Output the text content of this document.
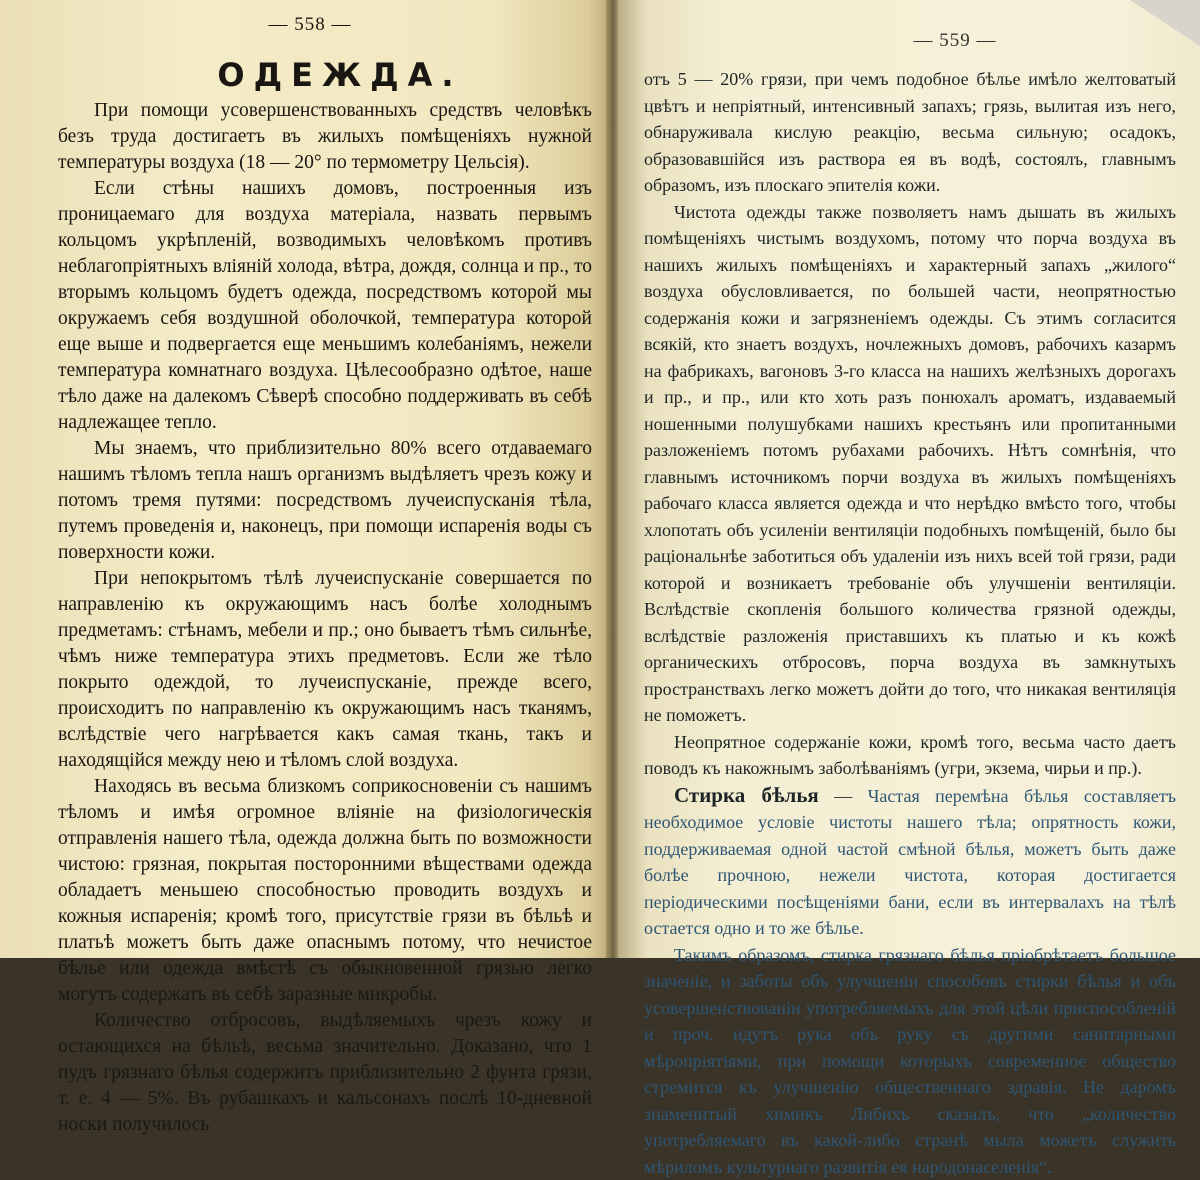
— 558 —
ОДЕЖДА.

При помощи усовершенствованныхъ средствъ человѣкъ безъ труда достигаетъ въ жилыхъ помѣщеніяхъ нужной температуры воздуха (18 — 20° по термометру Цельсія).

Если стѣны нашихъ домовъ, построенныя изъ проницаемаго для воздуха матеріала, назвать первымъ кольцомъ укрѣпленій, возводимыхъ человѣкомъ противъ неблагопріятныхъ вліяній холода, вѣтра, дождя, солнца и пр., то вторымъ кольцомъ будетъ одежда, посредствомъ которой мы окружаемъ себя воздушной оболочкой, температура которой еще выше и подвергается еще меньшимъ колебаніямъ, нежели температура комнатнаго воздуха. Цѣлесообразно одѣтое, наше тѣло даже на далекомъ Сѣверѣ способно поддерживать въ себѣ надлежащее тепло.

Мы знаемъ, что приблизительно 80% всего отдаваемаго нашимъ тѣломъ тепла нашъ организмъ выдѣляетъ чрезъ кожу и потомъ тремя путями: посредствомъ лучеиспусканія тѣла, путемъ проведенія и, наконецъ, при помощи испаренія воды съ поверхности кожи.

При непокрытомъ тѣлѣ лучеиспусканіе совершается по направленію къ окружающимъ насъ болѣе холоднымъ предметамъ: стѣнамъ, мебели и пр.; оно бываетъ тѣмъ сильнѣе, чѣмъ ниже температура этихъ предметовъ. Если же тѣло покрыто одеждой, то лучеиспусканіе, прежде всего, происходитъ по направленію къ окружающимъ насъ тканямъ, вслѣдствіе чего нагрѣвается какъ самая ткань, такъ и находящійся между нею и тѣломъ слой воздуха.

Находясь въ весьма близкомъ соприкосновеніи съ нашимъ тѣломъ и имѣя огромное вліяніе на физіологическія отправленія нашего тѣла, одежда должна быть по возможности чистою: грязная, покрытая посторонними вѣществами одежда обладаетъ меньшею способностью проводить воздухъ и кожныя испаренія; кромѣ того, присутствіе грязи въ бѣльѣ и платьѣ можетъ быть даже опаснымъ потому, что нечистое бѣлье или одежда вмѣстѣ съ обыкновенной грязью легко могутъ содержать въ себѣ заразные микробы.

Количество отбросовъ, выдѣляемыхъ чрезъ кожу и остающихся на бѣльѣ, весьма значительно. Доказано, что 1 пудъ грязнаго бѣлья содержитъ приблизительно 2 фунта грязи, т. е. 4 — 5%. Въ рубашкахъ и кальсонахъ послѣ 10-дневной носки получилось

— 559 —

отъ 5 — 20% грязи, при чемъ подобное бѣлье имѣло желтоватый цвѣтъ и непріятный, интенсивный запахъ; грязь, вылитая изъ него, обнаруживала кислую реакцію, весьма сильную; осадокъ, образовавшійся изъ раствора ея въ водѣ, состоялъ, главнымъ образомъ, изъ плоскаго эпителія кожи.

Чистота одежды также позволяетъ намъ дышать въ жилыхъ помѣщеніяхъ чистымъ воздухомъ, потому что порча воздуха въ нашихъ жилыхъ помѣщеніяхъ и характерный запахъ „жилого“ воздуха обусловливается, по большей части, неопрятностью содержанія кожи и загрязненіемъ одежды. Съ этимъ согласится всякій, кто знаетъ воздухъ, ночлежныхъ домовъ, рабочихъ казармъ на фабрикахъ, вагоновъ 3-го класса на нашихъ желѣзныхъ дорогахъ и пр., и пр., или кто хоть разъ понюхалъ ароматъ, издаваемый ношенными полушубками нашихъ крестьянъ или пропитанными разложеніемъ потомъ рубахами рабочихъ. Нѣтъ сомнѣнія, что главнымъ источникомъ порчи воздуха въ жилыхъ помѣщеніяхъ рабочаго класса является одежда и что нерѣдко вмѣсто того, чтобы хлопотать объ усиленіи вентиляціи подобныхъ помѣщеній, было бы раціональнѣе заботиться объ удаленіи изъ нихъ всей той грязи, ради которой и возникаетъ требованіе объ улучшеніи вентиляціи. Вслѣдствіе скопленія большого количества грязной одежды, вслѣдствіе разложенія приставшихъ къ платью и къ кожѣ органическихъ отбросовъ, порча воздуха въ замкнутыхъ пространствахъ легко можетъ дойти до того, что никакая вентиляція не поможетъ.

Неопрятное содержаніе кожи, кромѣ того, весьма часто даетъ поводъ къ накожнымъ заболѣваніямъ (угри, экзема, чирьи и пр.).

Стирка бѣлья — Частая перемѣна бѣлья составляетъ необходимое условіе чистоты нашего тѣла; опрятность кожи, поддерживаемая одной частой смѣной бѣлья, можетъ быть даже болѣе прочною, нежели чистота, которая достигается періодическими посѣщеніями бани, если въ интервалахъ на тѣлѣ остается одно и то же бѣлье.

Такимъ образомъ, стирка грязнаго бѣлья пріобрѣтаетъ большое значеніе, и заботы объ улучшеніи способовъ стирки бѣлья и объ усовершенствованіи употребляемыхъ для этой цѣли приспособленій и проч. идутъ рука объ руку съ другими санитарными мѣропріятіями, при помощи которыхъ современное общество стремится къ улучшенію общественнаго здравія. Не даромъ знаменитый химикъ Либихъ сказалъ, что „количество употребляемаго въ какой-либо странѣ мыла можетъ служить мѣриломъ культурнаго развитія ея народонаселенія“.
